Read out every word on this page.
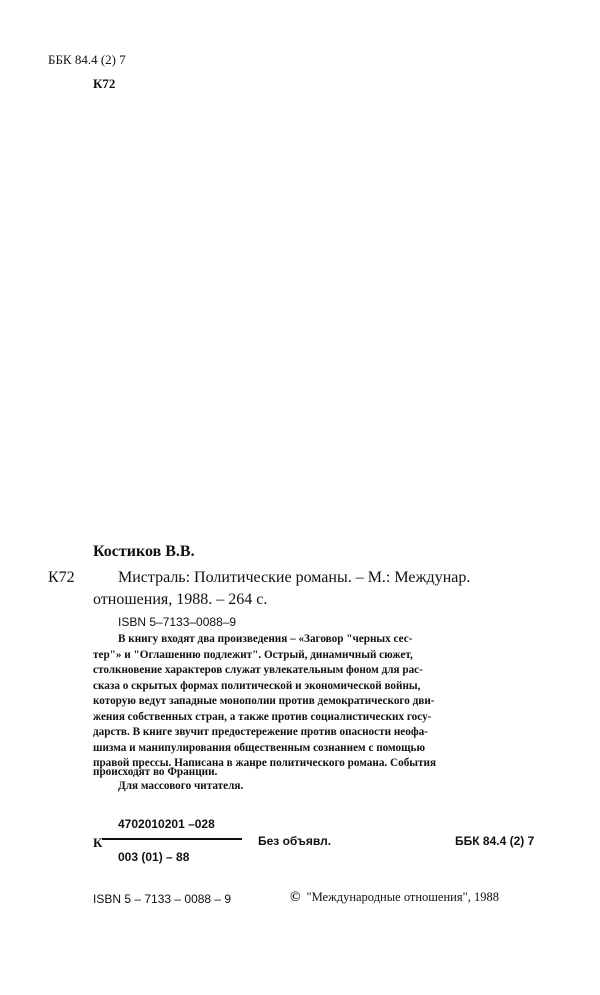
ББК 84.4 (2) 7
К72
Костиков В.В.
К72	Мистраль: Политические романы. – М.: Междунар.
отношения, 1988. – 264 с.
ISBN 5–7133–0088–9
В книгу входят два произведения – «Заговор "черных сес-
тер"» и "Оглашению подлежит". Острый, динамичный сюжет,
столкновение характеров служат увлекательным фоном для рас-
сказа о скрытых формах политической и экономической войны,
которую ведут западные монополии против демократического дви-
жения собственных стран, а также против социалистических госу-
дарств. В книге звучит предостережение против опасности неофа-
шизма и манипулирования общественным сознанием с помощью
правой прессы. Написана в жанре политического романа. События
происходят во Франции.
Для массового читателя.
К
4702010201 –028
003 (01) – 88
Без объявл.	ББК 84.4 (2) 7
ISBN 5 – 7133 – 0088 – 9	© "Международные отношения", 1988
